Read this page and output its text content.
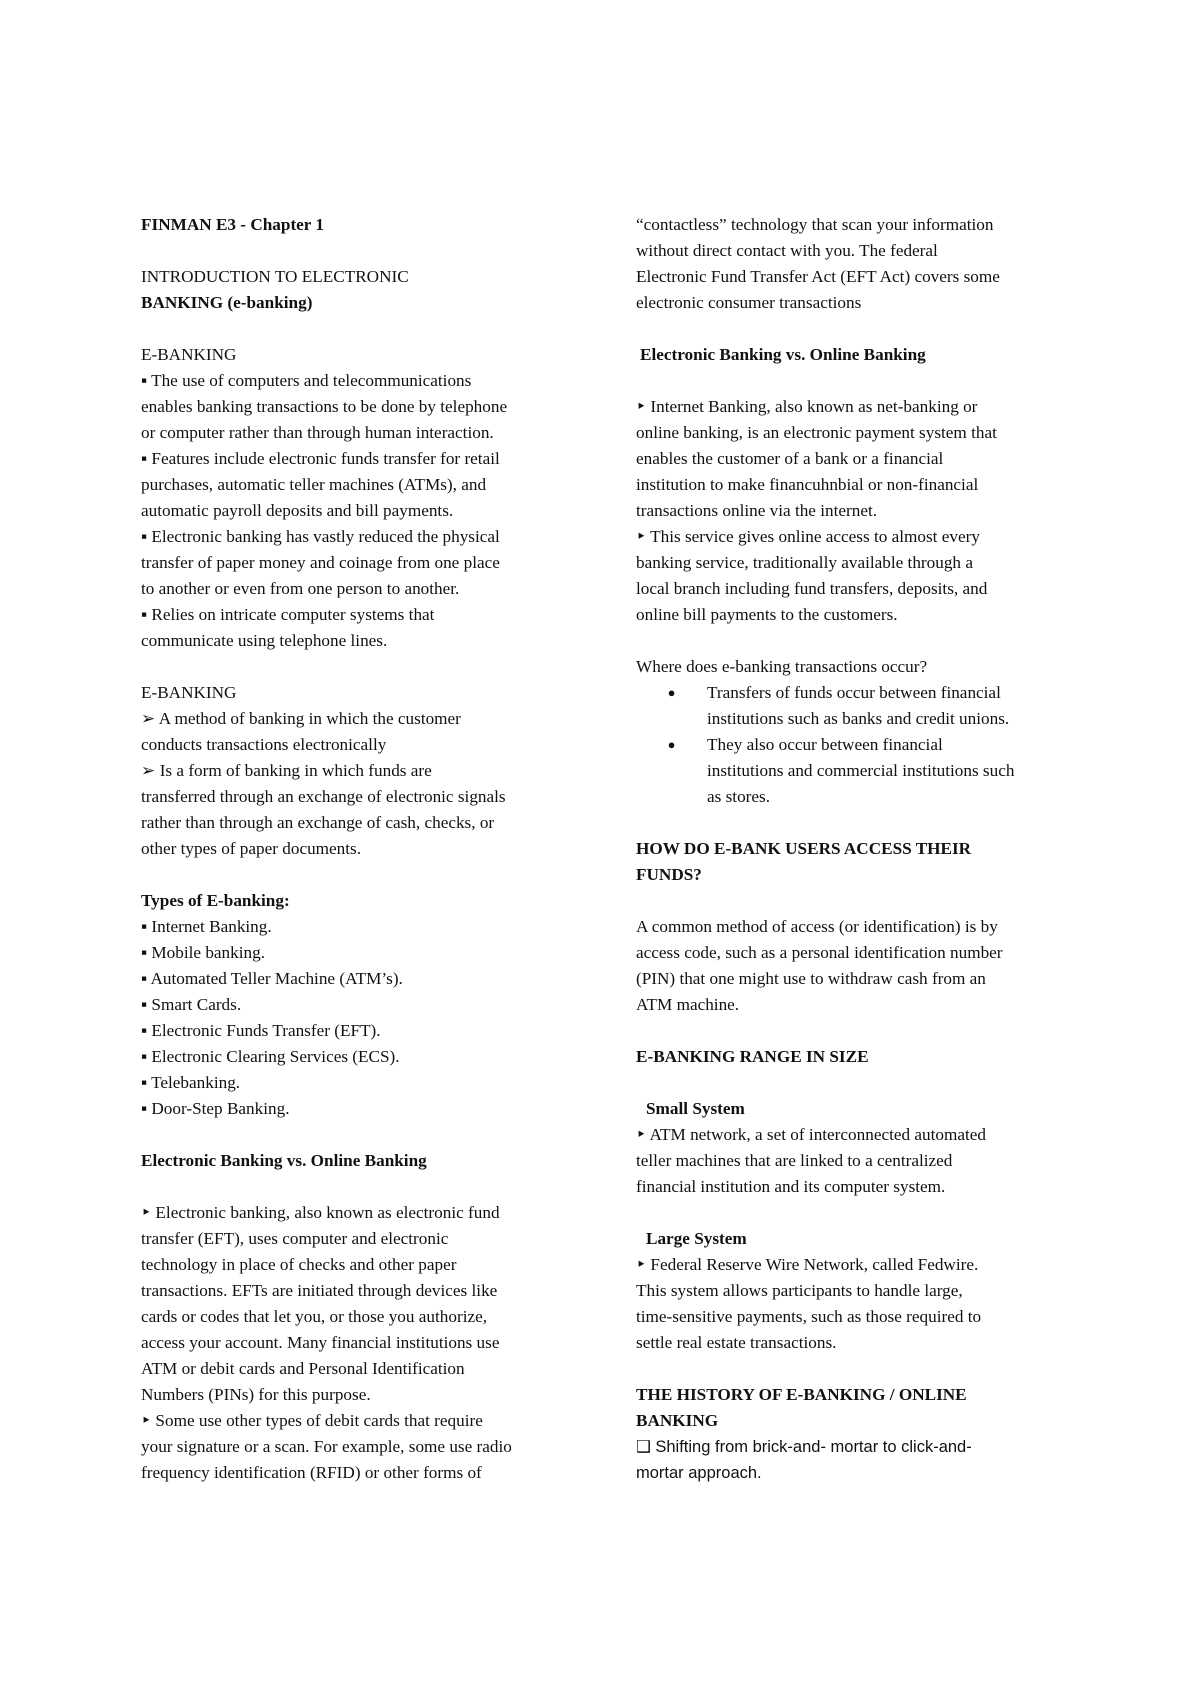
FINMAN E3 - Chapter 1
INTRODUCTION TO ELECTRONIC
BANKING (e-banking)
E-BANKING
▪ The use of computers and telecommunications
enables banking transactions to be done by telephone
or computer rather than through human interaction.
▪ Features include electronic funds transfer for retail
purchases, automatic teller machines (ATMs), and
automatic payroll deposits and bill payments.
▪ Electronic banking has vastly reduced the physical
transfer of paper money and coinage from one place
to another or even from one person to another.
▪ Relies on intricate computer systems that
communicate using telephone lines.
E-BANKING
➢ A method of banking in which the customer
conducts transactions electronically
➢ Is a form of banking in which funds are
transferred through an exchange of electronic signals
rather than through an exchange of cash, checks, or
other types of paper documents.
Types of E-banking:
▪ Internet Banking.
▪ Mobile banking.
▪ Automated Teller Machine (ATM’s).
▪ Smart Cards.
▪ Electronic Funds Transfer (EFT).
▪ Electronic Clearing Services (ECS).
▪ Telebanking.
▪ Door-Step Banking.
Electronic Banking vs. Online Banking
‣ Electronic banking, also known as electronic fund
transfer (EFT), uses computer and electronic
technology in place of checks and other paper
transactions. EFTs are initiated through devices like
cards or codes that let you, or those you authorize,
access your account. Many financial institutions use
ATM or debit cards and Personal Identification
Numbers (PINs) for this purpose.
‣ Some use other types of debit cards that require
your signature or a scan. For example, some use radio
frequency identification (RFID) or other forms of
“contactless” technology that scan your information
without direct contact with you. The federal
Electronic Fund Transfer Act (EFT Act) covers some
electronic consumer transactions
Electronic Banking vs. Online Banking
‣ Internet Banking, also known as net-banking or
online banking, is an electronic payment system that
enables the customer of a bank or a financial
institution to make financuhnbial or non-financial
transactions online via the internet.
‣ This service gives online access to almost every
banking service, traditionally available through a
local branch including fund transfers, deposits, and
online bill payments to the customers.
Where does e-banking transactions occur?
●	Transfers of funds occur between financial
institutions such as banks and credit unions.
●	They also occur between financial
institutions and commercial institutions such
as stores.
HOW DO E-BANK USERS ACCESS THEIR
FUNDS?
A common method of access (or identification) is by
access code, such as a personal identification number
(PIN) that one might use to withdraw cash from an
ATM machine.
E-BANKING RANGE IN SIZE
Small System
‣ ATM network, a set of interconnected automated
teller machines that are linked to a centralized
financial institution and its computer system.
Large System
‣ Federal Reserve Wire Network, called Fedwire.
This system allows participants to handle large,
time-sensitive payments, such as those required to
settle real estate transactions.
THE HISTORY OF E-BANKING / ONLINE
BANKING
❑ Shifting from brick-and- mortar to click-and-
mortar approach.
